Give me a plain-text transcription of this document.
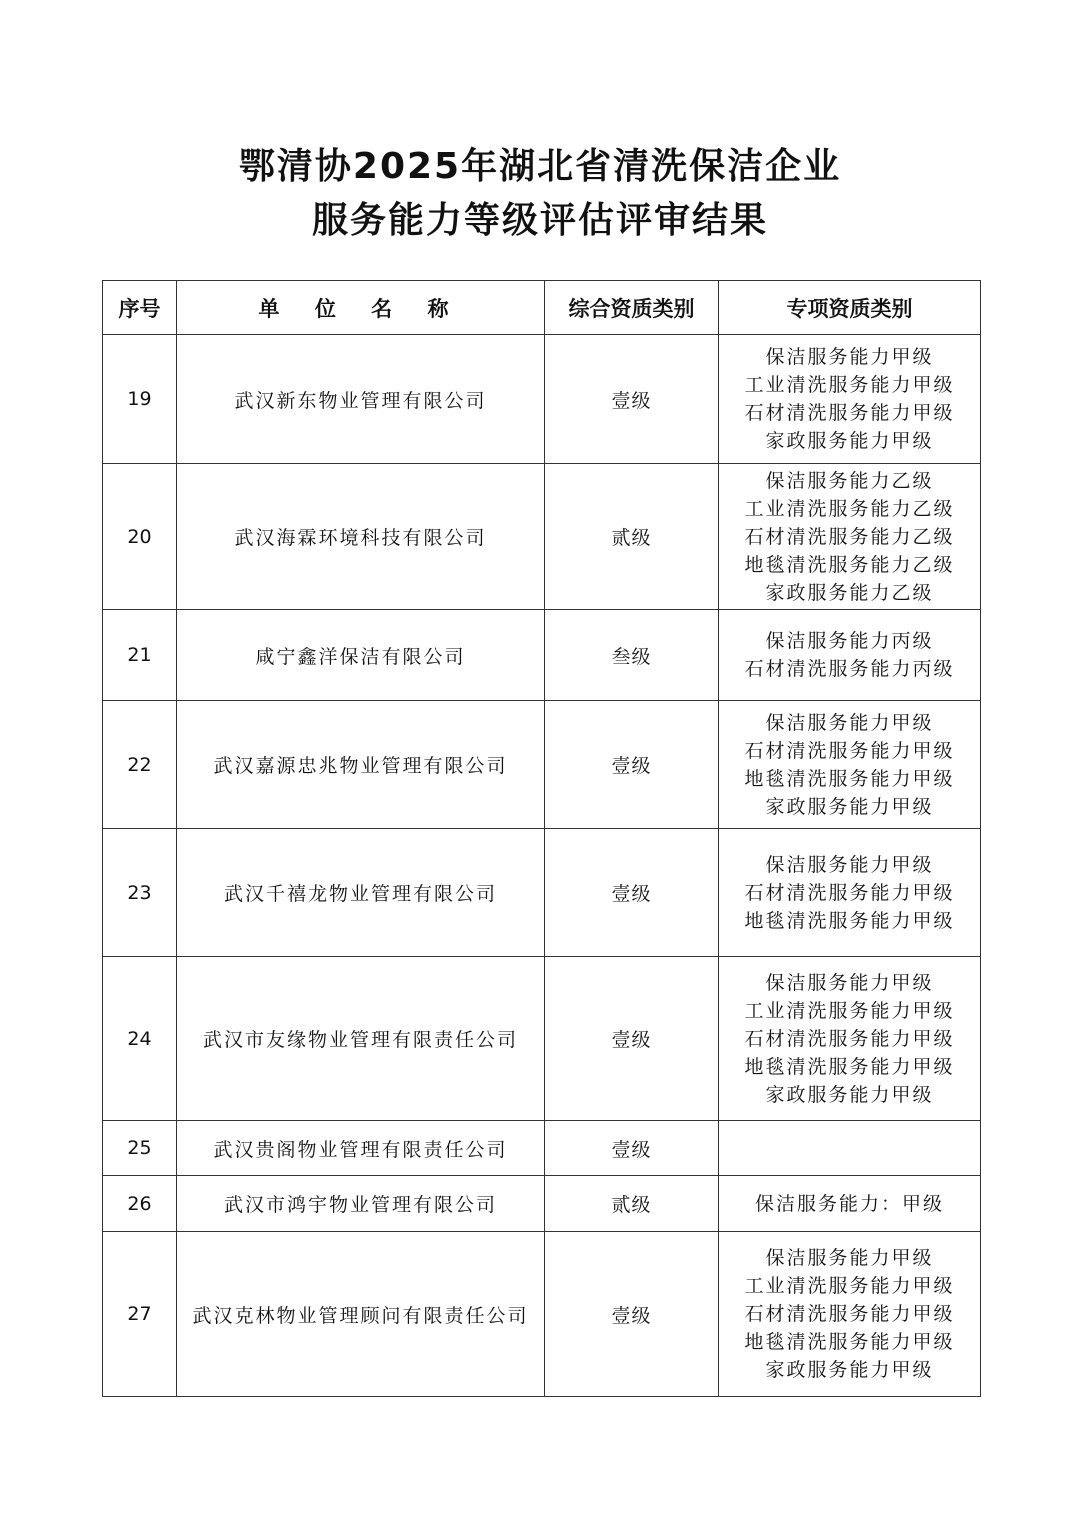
鄂清协2025年湖北省清洗保洁企业
服务能力等级评估评审结果
序号	单 位 名 称	综合资质类别	专项资质类别
19	武汉新东物业管理有限公司	壹级	保洁服务能力甲级
工业清洗服务能力甲级
石材清洗服务能力甲级
家政服务能力甲级

20	武汉海霖环境科技有限公司	贰级	保洁服务能力乙级
工业清洗服务能力乙级
石材清洗服务能力乙级
地毯清洗服务能力乙级
家政服务能力乙级

21	咸宁鑫洋保洁有限公司	叁级	保洁服务能力丙级
石材清洗服务能力丙级

22	武汉嘉源忠兆物业管理有限公司	壹级	保洁服务能力甲级
石材清洗服务能力甲级
地毯清洗服务能力甲级
家政服务能力甲级

23	武汉千禧龙物业管理有限公司	壹级	保洁服务能力甲级
石材清洗服务能力甲级
地毯清洗服务能力甲级

24	武汉市友缘物业管理有限责任公司	壹级	保洁服务能力甲级
工业清洗服务能力甲级
石材清洗服务能力甲级
地毯清洗服务能力甲级
家政服务能力甲级

25	武汉贵阁物业管理有限责任公司	壹级	
26	武汉市鸿宇物业管理有限公司	贰级	保洁服务能力：甲级

27	武汉克林物业管理顾问有限责任公司	壹级	保洁服务能力甲级
工业清洗服务能力甲级
石材清洗服务能力甲级
地毯清洗服务能力甲级
家政服务能力甲级
